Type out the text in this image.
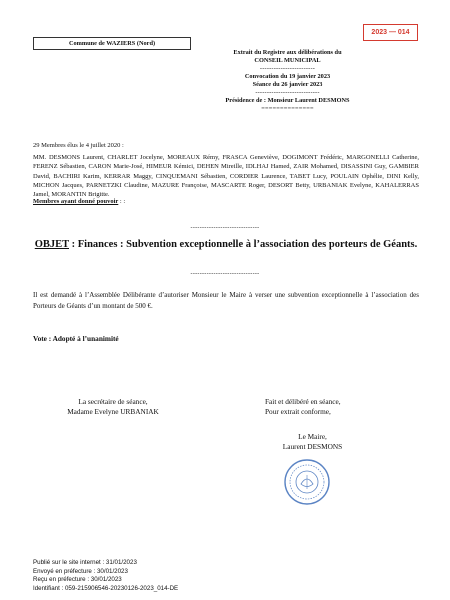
2023 — 014
Commune de WAZIERS (Nord)
Extrait du Registre aux délibérations du
CONSEIL MUNICIPAL
------------------------
Convocation du 19 janvier 2023
Séance du 26 janvier 2023
----------------------------
Présidence de : Monsieur Laurent DESMONS
==============
29 Membres élus le 4 juillet 2020 :
MM. DESMONS Laurent, CHARLET Jocelyne, MOREAUX Rémy, FRASCA Geneviève, DOGIMONT Frédéric, MARGONELLI Catherine, FERENZ Sébastien, CARON Marie-José, HIMEUR Kémici, DEHEN Mireille, IDLHAJ Hamed, ZAIR Mohamed, DISASSINI Guy, GAMBIER David, BACHIRI Karim, KERRAR Maggy, CINQUEMANI Sébastien, CORDIER Laurence, TABET Lucy, POULAIN Ophélie, DINI Kelly, MICHON Jacques, PARNETZKI Claudine, MAZURE Françoise, MASCARTE Roger, DESORT Betty, URBANIAK Evelyne, KAHALERRAS Jamel, MORANTIN Brigitte.
Membres ayant donné pouvoir : :
------------------------------
OBJET : Finances : Subvention exceptionnelle à l’association des porteurs de Géants.
------------------------------
Il est demandé à l’Assemblée Délibérante d’autoriser Monsieur le Maire à verser une subvention exceptionnelle à l’association des Porteurs de Géants d’un montant de 500 €.
Vote : Adopté à l’unanimité
La secrétaire de séance,
Madame Evelyne URBANIAK
Fait et délibéré en séance,
Pour extrait conforme,
Le Maire,
Laurent DESMONS
Publié sur le site internet : 31/01/2023
Envoyé en préfecture : 30/01/2023
Reçu en préfecture : 30/01/2023
Identifiant : 059-215906546-20230126-2023_014-DE
